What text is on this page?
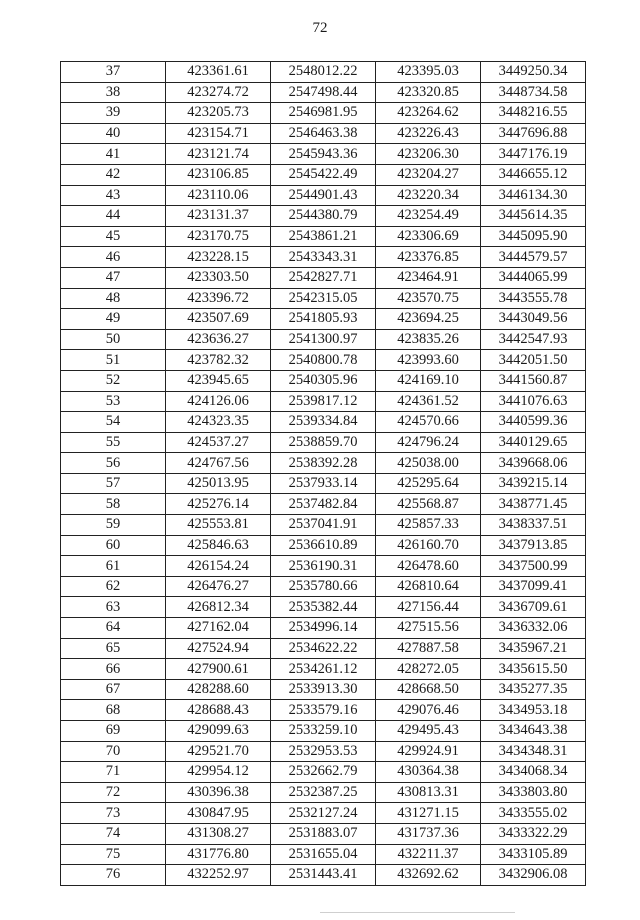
72
37	423361.61	2548012.22	423395.03	3449250.34
38	423274.72	2547498.44	423320.85	3448734.58
39	423205.73	2546981.95	423264.62	3448216.55
40	423154.71	2546463.38	423226.43	3447696.88
41	423121.74	2545943.36	423206.30	3447176.19
42	423106.85	2545422.49	423204.27	3446655.12
43	423110.06	2544901.43	423220.34	3446134.30
44	423131.37	2544380.79	423254.49	3445614.35
45	423170.75	2543861.21	423306.69	3445095.90
46	423228.15	2543343.31	423376.85	3444579.57
47	423303.50	2542827.71	423464.91	3444065.99
48	423396.72	2542315.05	423570.75	3443555.78
49	423507.69	2541805.93	423694.25	3443049.56
50	423636.27	2541300.97	423835.26	3442547.93
51	423782.32	2540800.78	423993.60	3442051.50
52	423945.65	2540305.96	424169.10	3441560.87
53	424126.06	2539817.12	424361.52	3441076.63
54	424323.35	2539334.84	424570.66	3440599.36
55	424537.27	2538859.70	424796.24	3440129.65
56	424767.56	2538392.28	425038.00	3439668.06
57	425013.95	2537933.14	425295.64	3439215.14
58	425276.14	2537482.84	425568.87	3438771.45
59	425553.81	2537041.91	425857.33	3438337.51
60	425846.63	2536610.89	426160.70	3437913.85
61	426154.24	2536190.31	426478.60	3437500.99
62	426476.27	2535780.66	426810.64	3437099.41
63	426812.34	2535382.44	427156.44	3436709.61
64	427162.04	2534996.14	427515.56	3436332.06
65	427524.94	2534622.22	427887.58	3435967.21
66	427900.61	2534261.12	428272.05	3435615.50
67	428288.60	2533913.30	428668.50	3435277.35
68	428688.43	2533579.16	429076.46	3434953.18
69	429099.63	2533259.10	429495.43	3434643.38
70	429521.70	2532953.53	429924.91	3434348.31
71	429954.12	2532662.79	430364.38	3434068.34
72	430396.38	2532387.25	430813.31	3433803.80
73	430847.95	2532127.24	431271.15	3433555.02
74	431308.27	2531883.07	431737.36	3433322.29
75	431776.80	2531655.04	432211.37	3433105.89
76	432252.97	2531443.41	432692.62	3432906.08
